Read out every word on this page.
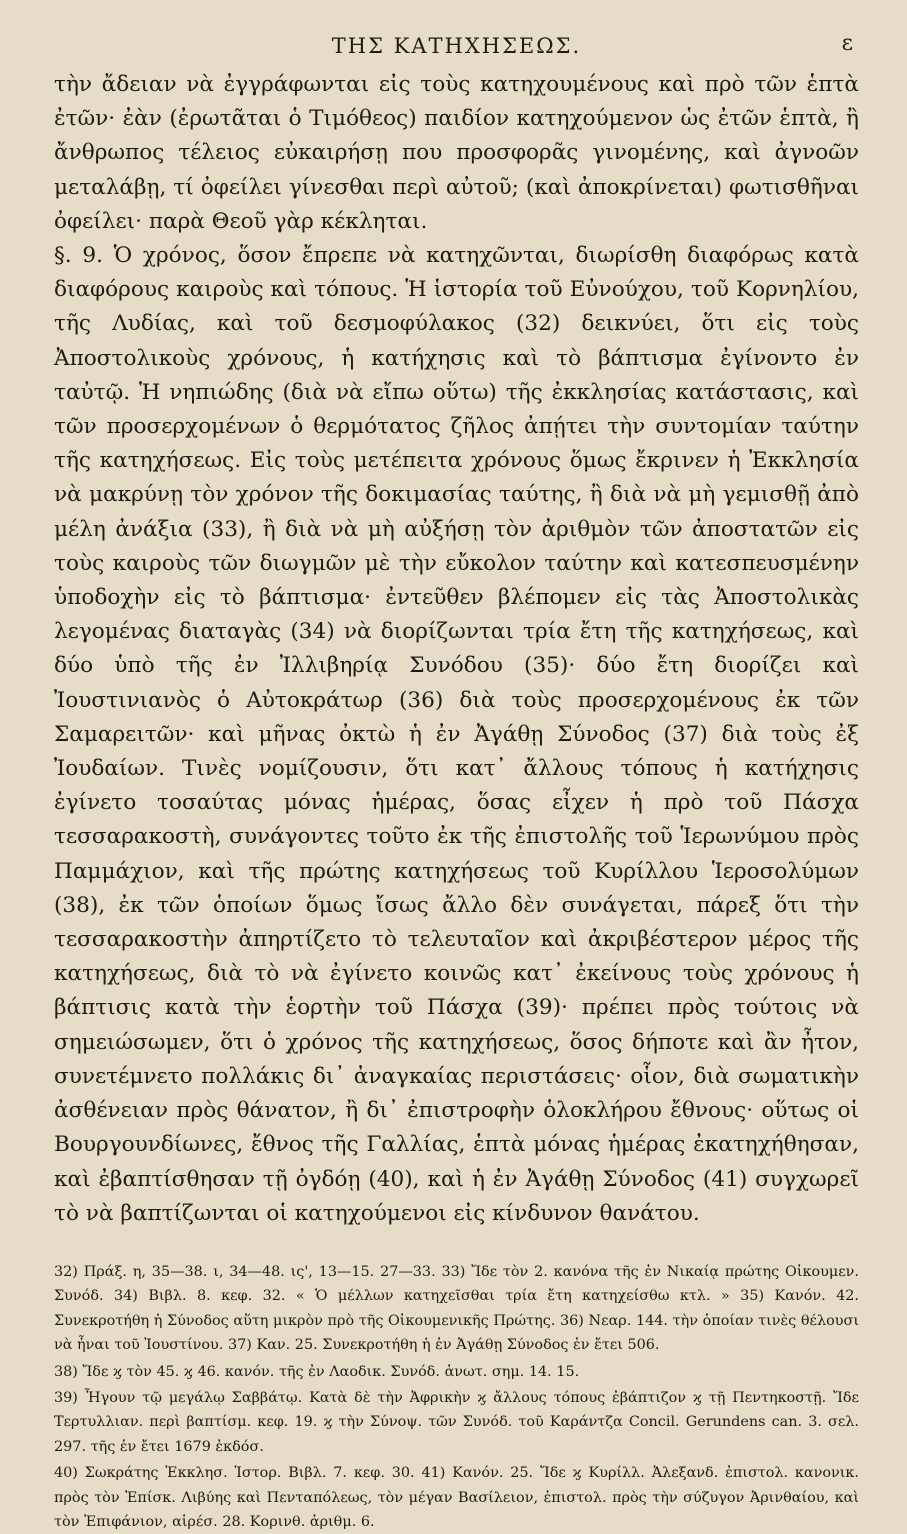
ΤΗΣ ΚΑΤΗΧΗΣΕΩΣ.	ε

τὴν ἄδειαν νὰ ἐγγράφωνται εἰς τοὺς κατηχουμένους καὶ πρὸ τῶν ἑπτὰ ἐτῶν· ἐὰν (ἐρωτᾶται ὁ Τιμόθεος) παιδίον κατηχούμενον ὡς ἐτῶν ἑπτὰ, ἢ ἄνθρωπος τέλειος εὐκαιρήσῃ που προσφορᾶς γινομένης, καὶ ἀγνοῶν μεταλάβῃ, τί ὀφείλει γίνεσθαι περὶ αὐτοῦ; (καὶ ἀποκρίνεται) φωτισθῆναι ὀφείλει· παρὰ Θεοῦ γὰρ κέκληται.

§. 9. Ὁ χρόνος, ὅσον ἔπρεπε νὰ κατηχῶνται, διωρίσθη διαφόρως κατὰ διαφόρους καιροὺς καὶ τόπους. Ἡ ἱστορία τοῦ Εὐνούχου, τοῦ Κορνηλίου, τῆς Λυδίας, καὶ τοῦ δεσμοφύλακος (32) δεικνύει, ὅτι εἰς τοὺς Ἀποστολικοὺς χρόνους, ἡ κατήχησις καὶ τὸ βάπτισμα ἐγίνοντο ἐν ταὐτῷ. Ἡ νηπιώδης (διὰ νὰ εἴπω οὕτω) τῆς ἐκκλησίας κατάστασις, καὶ τῶν προσερχομένων ὁ θερμότατος ζῆλος ἀπῄτει τὴν συντομίαν ταύτην τῆς κατηχήσεως. Εἰς τοὺς μετέπειτα χρόνους ὅμως ἔκρινεν ἡ Ἐκκλησία νὰ μακρύνῃ τὸν χρόνον τῆς δοκιμασίας ταύτης, ἢ διὰ νὰ μὴ γεμισθῇ ἀπὸ μέλη ἀνάξια (33), ἢ διὰ νὰ μὴ αὐξήσῃ τὸν ἀριθμὸν τῶν ἀποστατῶν εἰς τοὺς καιροὺς τῶν διωγμῶν μὲ τὴν εὔκολον ταύτην καὶ κατεσπευσμένην ὑποδοχὴν εἰς τὸ βάπτισμα· ἐντεῦθεν βλέπομεν εἰς τὰς Ἀποστολικὰς λεγομένας διαταγὰς (34) νὰ διορίζωνται τρία ἔτη τῆς κατηχήσεως, καὶ δύο ὑπὸ τῆς ἐν Ἰλλιβηρίᾳ Συνόδου (35)· δύο ἔτη διορίζει καὶ Ἰουστινιανὸς ὁ Αὐτοκράτωρ (36) διὰ τοὺς προσερχομένους ἐκ τῶν Σαμαρειτῶν· καὶ μῆνας ὀκτὼ ἡ ἐν Ἀγάθῃ Σύνοδος (37) διὰ τοὺς ἐξ Ἰουδαίων. Τινὲς νομίζουσιν, ὅτι κατ᾽ ἄλλους τόπους ἡ κατήχησις ἐγίνετο τοσαύτας μόνας ἡμέρας, ὅσας εἶχεν ἡ πρὸ τοῦ Πάσχα τεσσαρακοστὴ, συνάγοντες τοῦτο ἐκ τῆς ἐπιστολῆς τοῦ Ἱερωνύμου πρὸς Παμμάχιον, καὶ τῆς πρώτης κατηχήσεως τοῦ Κυρίλλου Ἱεροσολύμων (38), ἐκ τῶν ὁποίων ὅμως ἴσως ἄλλο δὲν συνάγεται, πάρεξ ὅτι τὴν τεσσαρακοστὴν ἀπηρτίζετο τὸ τελευταῖον καὶ ἀκριβέστερον μέρος τῆς κατηχήσεως, διὰ τὸ νὰ ἐγίνετο κοινῶς κατ᾽ ἐκείνους τοὺς χρόνους ἡ βάπτισις κατὰ τὴν ἑορτὴν τοῦ Πάσχα (39)· πρέπει πρὸς τούτοις νὰ σημειώσωμεν, ὅτι ὁ χρόνος τῆς κατηχήσεως, ὅσος δήποτε καὶ ἂν ἦτον, συνετέμνετο πολλάκις δι᾽ ἀναγκαίας περιστάσεις· οἷον, διὰ σωματικὴν ἀσθένειαν πρὸς θάνατον, ἢ δι᾽ ἐπιστροφὴν ὁλοκλήρου ἔθνους· οὕτως οἱ Βουργουνδίωνες, ἔθνος τῆς Γαλλίας, ἑπτὰ μόνας ἡμέρας ἐκατηχήθησαν, καὶ ἐβαπτίσθησαν τῇ ὀγδόῃ (40), καὶ ἡ ἐν Ἀγάθῃ Σύνοδος (41) συγχωρεῖ τὸ νὰ βαπτίζωνται οἱ κατηχούμενοι εἰς κίνδυνον θανάτου.

32) Πράξ. η, 35—38. ι, 34—48. ις', 13—15. 27—33. 33) Ἴδε τὸν 2. κανόνα τῆς ἐν Νικαίᾳ πρώτης Οἰκουμεν. Συνόδ. 34) Βιβλ. 8. κεφ. 32. « Ὁ μέλλων κατηχεῖσθαι τρία ἔτη κατηχείσθω κτλ. » 35) Κανόν. 42. Συνεκροτήθη ἡ Σύνοδος αὕτη μικρὸν πρὸ τῆς Οἰκουμενικῆς Πρώτης. 36) Νεαρ. 144. τὴν ὁποίαν τινὲς θέλουσι νὰ ἦναι τοῦ Ἰουστίνου. 37) Καν. 25. Συνεκροτήθη ἡ ἐν Ἀγάθῃ Σύνοδος ἐν ἔτει 506.

38) Ἴδε ϗ τὸν 45. ϗ 46. κανόν. τῆς ἐν Λαοδικ. Συνόδ. ἀνωτ. σημ. 14. 15.

39) Ἦγουν τῷ μεγάλῳ Σαββάτῳ. Κατὰ δὲ τὴν Ἀφρικὴν ϗ ἄλλους τόπους ἐβάπτιζον ϗ τῇ Πεντηκοστῇ. Ἴδε Τερτυλλιαν. περὶ βαπτίσμ. κεφ. 19. ϗ τὴν Σύνοψ. τῶν Συνόδ. τοῦ Καράντζα Concil. Gerundens can. 3. σελ. 297. τῆς ἐν ἔτει 1679 ἐκδόσ.

40) Σωκράτης Ἐκκλησ. Ἱστορ. Βιβλ. 7. κεφ. 30. 41) Κανόν. 25. Ἴδε ϗ Κυρίλλ. Ἀλεξανδ. ἐπιστολ. κανονικ. πρὸς τὸν Ἐπίσκ. Λιβύης καὶ Πενταπόλεως, τὸν μέγαν Βασίλειον, ἐπιστολ. πρὸς τὴν σύζυγον Ἀρινθαίου, καὶ τὸν Ἐπιφάνιον, αἱρέσ. 28. Κορινθ. ἀριθμ. 6.
